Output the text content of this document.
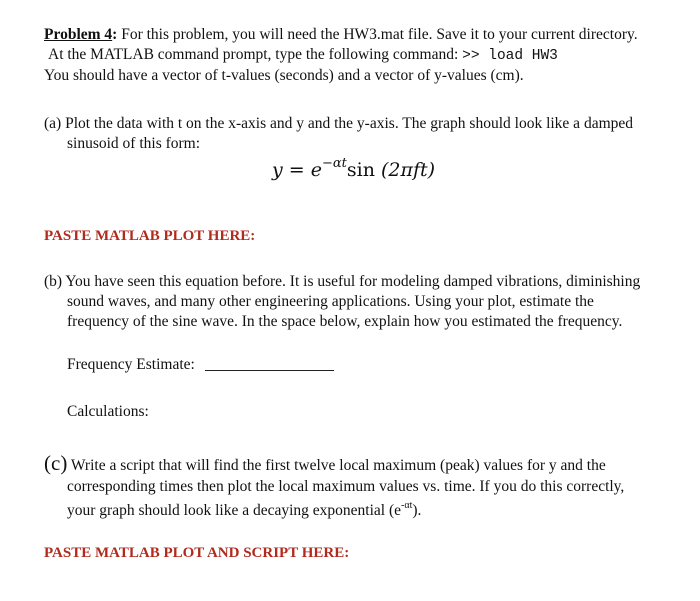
Problem 4: For this problem, you will need the HW3.mat file. Save it to your current directory.
At the MATLAB command prompt, type the following command: >> load HW3
You should have a vector of t-values (seconds) and a vector of y-values (cm).
(a) Plot the data with t on the x-axis and y and the y-axis. The graph should look like a damped
sinusoid of this form:
$y = e^{-\alpha t}\sin$ (2πft)
PASTE MATLAB PLOT HERE:
(b) You have seen this equation before. It is useful for modeling damped vibrations, diminishing
sound waves, and many other engineering applications. Using your plot, estimate the
frequency of the sine wave. In the space below, explain how you estimated the frequency.
Frequency Estimate:
Calculations:
(c) Write a script that will find the first twelve local maximum (peak) values for y and the
corresponding times then plot the local maximum values vs. time. If you do this correctly,
your graph should look like a decaying exponential $(e^{-\alpha t})$.
PASTE MATLAB PLOT AND SCRIPT HERE:
